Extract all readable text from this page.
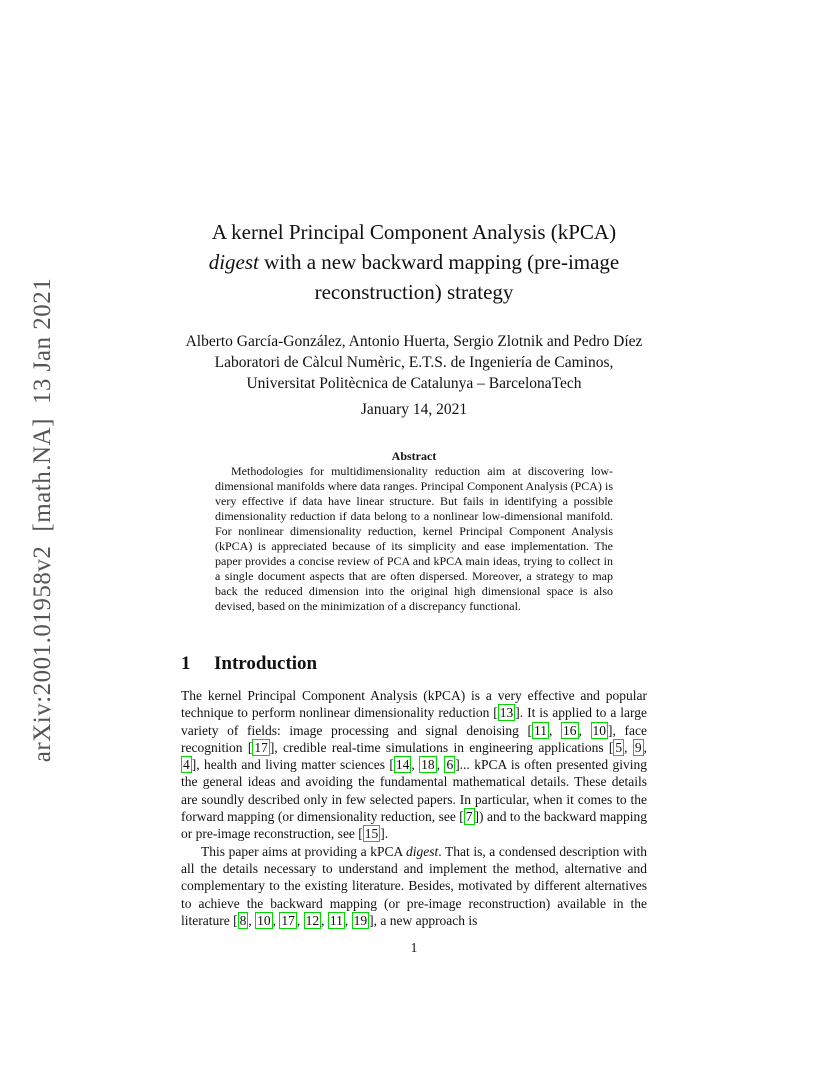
arXiv:2001.01958v2[math.NA]13 Jan 2021
A kernel Principal Component Analysis (kPCA)
digest with a new backward mapping (pre-image
reconstruction) strategy
Alberto García-González, Antonio Huerta, Sergio Zlotnik and Pedro Díez
Laboratori de Càlcul Numèric, E.T.S. de Ingeniería de Caminos,
Universitat Politècnica de Catalunya – BarcelonaTech
January 14, 2021
Abstract
Methodologies for multidimensionality reduction aim at discovering low-dimensional manifolds where data ranges. Principal Component Analysis (PCA) is very effective if data have linear structure. But fails in identifying a possible dimensionality reduction if data belong to a nonlinear low-dimensional manifold. For nonlinear dimensionality reduction, kernel Principal Component Analysis (kPCA) is appreciated because of its simplicity and ease implementation. The paper provides a concise review of PCA and kPCA main ideas, trying to collect in a single document aspects that are often dispersed. Moreover, a strategy to map back the reduced dimension into the original high dimensional space is also devised, based on the minimization of a discrepancy functional.
1 Introduction

The kernel Principal Component Analysis (kPCA) is a very effective and popular technique to perform nonlinear dimensionality reduction [ 13 ]. It is applied to a large variety of fields: image processing and signal denoising [ 11 , 16 , 10 ], face recognition [ 17 ], credible real-time simulations in engineering applications [ 5 , 9 , 4 ], health and living matter sciences [ 14 , 18 , 6 ]... kPCA is often presented giving the general ideas and avoiding the fundamental mathematical details. These details are soundly described only in few selected papers. In particular, when it comes to the forward mapping (or dimensionality reduction, see [ 7 ]) and to the backward mapping or pre-image reconstruction, see [ 15 ].

This paper aims at providing a kPCA digest. That is, a condensed description with all the details necessary to understand and implement the method, alternative and complementary to the existing literature. Besides, motivated by different alternatives to achieve the backward mapping (or pre-image reconstruction) available in the literature [ 8 , 10 , 17 , 12 , 11 , 19 ], a new approach is

1
